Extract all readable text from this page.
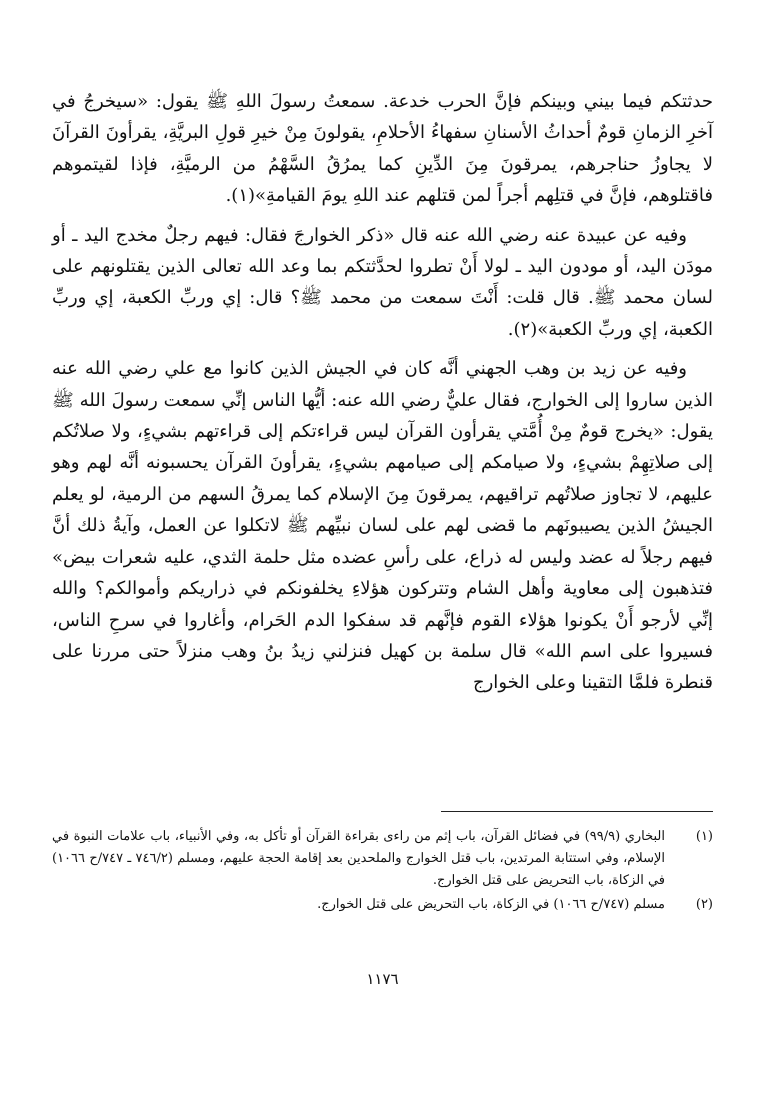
حدثتكم فيما بيني وبينكم فإنَّ الحرب خدعة. سمعتُ رسولَ اللهِ ﷺ يقول: «سيخرجُ في آخرِ الزمانِ قومٌ أحداثُ الأسنانِ سفهاءُ الأحلامِ، يقولونَ مِنْ خيرِ قولِ البريَّةِ، يقرأونَ القرآنَ لا يجاوزُ حناجرهم، يمرقونَ مِنَ الدِّينِ كما يمرُقُ السَّهْمُ من الرميَّةِ، فإذا لقيتموهم فاقتلوهم، فإنَّ في قتلِهم أجراً لمن قتلهم عند اللهِ يومَ القيامةِ»(١).

وفيه عن عبيدة عنه رضي الله عنه قال «ذكر الخوارجَ فقال: فيهم رجلٌ مخدج اليد ـ أو مودَن اليد، أو مودون اليد ـ لولا أَنْ تطروا لحدَّثتكم بما وعد الله تعالى الذين يقتلونهم على لسان محمد ﷺ. قال قلت: أَنْتَ سمعت من محمد ﷺ؟ قال: إي وربِّ الكعبة، إي وربِّ الكعبة، إي وربِّ الكعبة»(٢).

وفيه عن زيد بن وهب الجهني أنَّه كان في الجيش الذين كانوا مع علي رضي الله عنه الذين ساروا إلى الخوارج، فقال عليٌّ رضي الله عنه: أيُّها الناس إنِّي سمعت رسولَ الله ﷺ يقول: «يخرج قومٌ مِنْ أُمَّتي يقرأون القرآن ليس قراءتكم إلى قراءتهم بشيءٍ، ولا صلاتُكم إلى صلاتِهِمْ بشيءٍ، ولا صيامكم إلى صيامهم بشيءٍ، يقرأونَ القرآن يحسبونه أنَّه لهم وهو عليهم، لا تجاوز صلاتُهم تراقيهم، يمرقونَ مِنَ الإسلام كما يمرقُ السهم من الرمية، لو يعلم الجيشُ الذين يصيبونَهم ما قضى لهم على لسان نبيِّهم ﷺ لاتكلوا عن العمل، وآيةُ ذلك أنَّ فيهم رجلاً له عضد وليس له ذراع، على رأسِ عضده مثل حلمة الثدي، عليه شعرات بيض» فتذهبون إلى معاوية وأهل الشام وتتركون هؤلاءِ يخلفونكم في ذراريكم وأموالكم؟ والله إنِّي لأرجو أَنْ يكونوا هؤلاء القوم فإنَّهم قد سفكوا الدم الحَرام، وأغاروا في سرحِ الناس، فسيروا على اسم الله» قال سلمة بن كهيل فنزلني زيدُ بنُ وهب منزلاً حتى مررنا على قنطرة فلمَّا التقينا وعلى الخوارج

(١)
البخاري (٩٩/٩) في فضائل القرآن، باب إثم من راءى بقراءة القرآن أو تأكل به، وفي الأنبياء، باب علامات النبوة في الإسلام، وفي استتابة المرتدين، باب قتل الخوارج والملحدين بعد إقامة الحجة عليهم، ومسلم (٧٤٦/٢ ـ ٧٤٧/ح ١٠٦٦) في الزكاة، باب التحريض على قتل الخوارج.
(٢)
مسلم (٧٤٧/ح ١٠٦٦) في الزكاة، باب التحريض على قتل الخوارج.
١١٧٦
